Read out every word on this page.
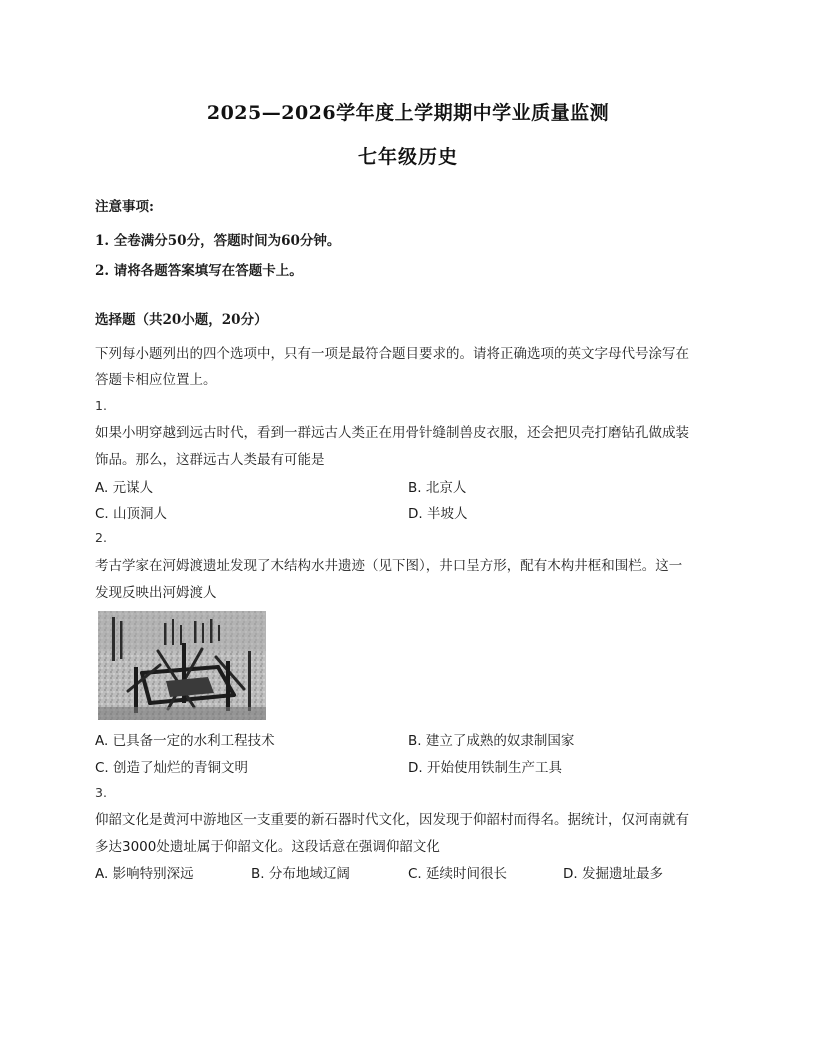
2025—2026学年度上学期期中学业质量监测
七年级历史
注意事项:
1. 全卷满分50分，答题时间为60分钟。
2. 请将各题答案填写在答题卡上。
选择题（共20小题，20分）
下列每小题列出的四个选项中，只有一项是最符合题目要求的。请将正确选项的英文字母代号涂写在
答题卡相应位置上。
1.
如果小明穿越到远古时代，看到一群远古人类正在用骨针缝制兽皮衣服，还会把贝壳打磨钻孔做成装
饰品。那么，这群远古人类最有可能是
A. 元谋人	B. 北京人
C. 山顶洞人	D. 半坡人
2.
考古学家在河姆渡遗址发现了木结构水井遗迹（见下图），井口呈方形，配有木构井框和围栏。这一
发现反映出河姆渡人
A. 已具备一定的水利工程技术	B. 建立了成熟的奴隶制国家
C. 创造了灿烂的青铜文明	D. 开始使用铁制生产工具
3.
仰韶文化是黄河中游地区一支重要的新石器时代文化，因发现于仰韶村而得名。据统计，仅河南就有
多达3000处遗址属于仰韶文化。这段话意在强调仰韶文化
A. 影响特别深远	B. 分布地域辽阔	C. 延续时间很长	D. 发掘遗址最多
